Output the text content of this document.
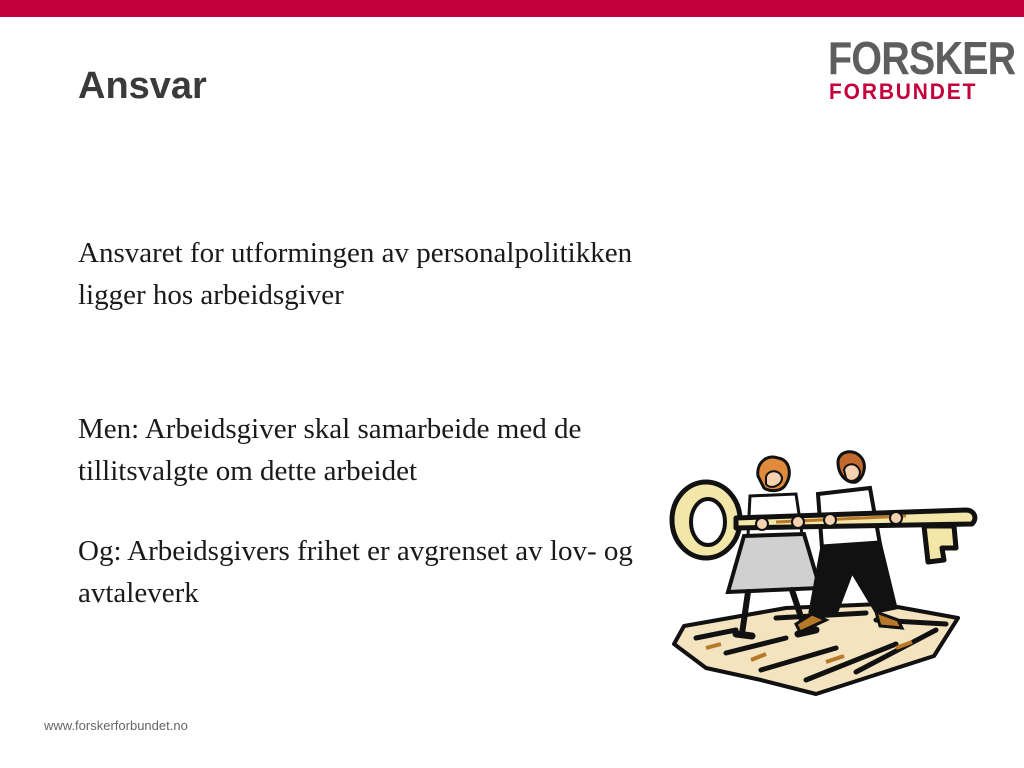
Ansvar
FORSKER
FORBUNDET

Ansvaret for utformingen av personalpolitikken ligger hos arbeidsgiver

Men: Arbeidsgiver skal samarbeide med de tillitsvalgte om dette arbeidet

Og: Arbeidsgivers frihet er avgrenset av lov- og avtaleverk

www.forskerforbundet.no
